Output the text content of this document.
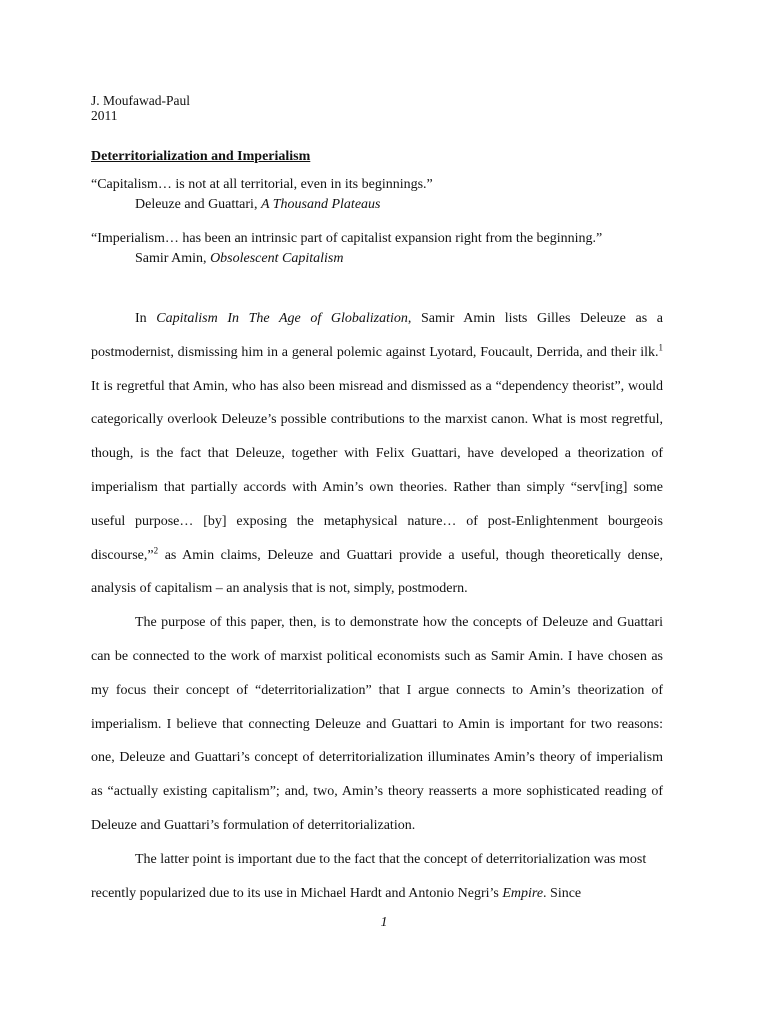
J. Moufawad-Paul
2011
Deterritorialization and Imperialism
“Capitalism… is not at all territorial, even in its beginnings.”
Deleuze and Guattari, A Thousand Plateaus
“Imperialism… has been an intrinsic part of capitalist expansion right from the beginning.”
Samir Amin, Obsolescent Capitalism

In Capitalism In The Age of Globalization, Samir Amin lists Gilles Deleuze as a postmodernist, dismissing him in a general polemic against Lyotard, Foucault, Derrida, and their ilk.$^1$ It is regretful that Amin, who has also been misread and dismissed as a “dependency theorist”, would categorically overlook Deleuze’s possible contributions to the marxist canon. What is most regretful, though, is the fact that Deleuze, together with Felix Guattari, have developed a theorization of imperialism that partially accords with Amin’s own theories. Rather than simply “serv[ing] some useful purpose… [by] exposing the metaphysical nature… of post-Enlightenment bourgeois discourse,”$^2$ as Amin claims, Deleuze and Guattari provide a useful, though theoretically dense, analysis of capitalism – an analysis that is not, simply, postmodern.

The purpose of this paper, then, is to demonstrate how the concepts of Deleuze and Guattari can be connected to the work of marxist political economists such as Samir Amin. I have chosen as my focus their concept of “deterritorialization” that I argue connects to Amin’s theorization of imperialism. I believe that connecting Deleuze and Guattari to Amin is important for two reasons: one, Deleuze and Guattari’s concept of deterritorialization illuminates Amin’s theory of imperialism as “actually existing capitalism”; and, two, Amin’s theory reasserts a more sophisticated reading of Deleuze and Guattari’s formulation of deterritorialization.

The latter point is important due to the fact that the concept of deterritorialization was most recently popularized due to its use in Michael Hardt and Antonio Negri’s Empire. Since

1
